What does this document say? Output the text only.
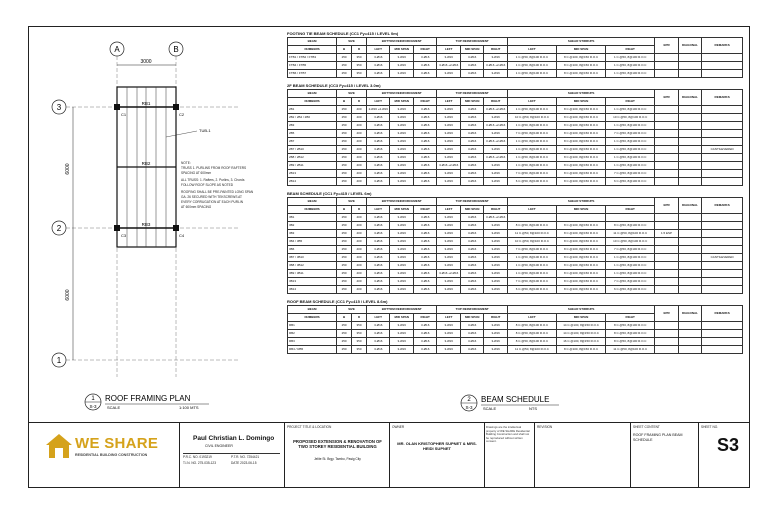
A	B
3000
3
2
1
6000
6000
RB1
RB2
RB3
C1	C2
C3	C4
TUB-1
NOTE:
TRUSS 1. PURLINS FROM ROOF RAFTERS
SPACING AT 600mm
ALL TRUSS: 1. Rafters, 2. Purlins, 3. Chords
FOLLOW ROOF SLOPE AS NOTED
ROOFING SHALL BE PRE-PAINTED LONG SPAN
GA. 26 SECURED WITH TEKSCREWS AT
EVERY CORRUGATION AT EACH PURLIN
AT 600mm SPACING
1
S-3
ROOF FRAMING PLAN
SCALE	1:100 MTS
FOOTING TIE BEAM SCHEDULE (CC1 Fy=415 / LEVEL 0m)
BEAM	SIZE		BOTTOM REINFORCEMENT			TOP REINFORCEMENT			SHEAR STIRRUPS			EPR	DIAGONAL	REMARKS
NUMBERS	B	D	LEFT	MID SPAN	RIGHT	LEFT	MID SPAN	RIGHT	LEFT	MID SPAN	RIGHT			
FTB1 / FTB2 / FTB3	250	350	3-Ø16	3-Ø16	3-Ø16	3-Ø16	3-Ø16	3-Ø16	1 C.@50, 8@100 R.O.C	8 C.@100, 8@150 R.O.C	1 C.@50, 8@100 R.O.C			
FTB4 / FTB5	250	350	3-Ø16	3-Ø16	3-Ø16	3-Ø16 +2-Ø16	3-Ø16	3-Ø16 +2-Ø16	1 C.@50, 8@100 R.O.C	8 C.@100, 8@150 R.O.C	1 C.@50, 8@100 R.O.C			
FTB6 / FTB7	250	350	3-Ø16	3-Ø16	3-Ø16	3-Ø16	3-Ø16	3-Ø16	1 C.@50, 8@100 R.O.C	8 C.@100, 8@150 R.O.C	1 C.@50, 8@100 R.O.C			
2F BEAM SCHEDULE (CC3 Fy=415 / LEVEL 3.0m)
BEAM	SIZE		BOTTOM REINFORCEMENT			TOP REINFORCEMENT			SHEAR STIRRUPS			EPR	DIAGONAL	REMARKS
NUMBERS	B	D	LEFT	MID SPAN	RIGHT	LEFT	MID SPAN	RIGHT	LEFT	MID SPAN	RIGHT			
2B1	250	400	2-Ø16 +2-Ø16	3-Ø16	3-Ø16	3-Ø16	3-Ø16	3-Ø16 +2-Ø16	1 C.@50, 8@100 R.O.C	8 C.@100, 8@150 R.O.C	1 C.@50, 8@100 R.O.C			
2B2 / 2B4 / 2B6	250	400	3-Ø16	3-Ø16	3-Ø16	3-Ø16	3-Ø16	3-Ø16	10 C.@50, 8@100 R.O.C	8 C.@100, 8@150 R.O.C	10 C.@50, 8@100 R.O.C			
2B3	250	400	3-Ø16	3-Ø16	3-Ø16	3-Ø16	3-Ø16	3-Ø16 +2-Ø16	1 C.@50, 8@100 R.O.C	8 C.@100, 8@150 R.O.C	1 C.@50, 8@100 R.O.C			
2B5	250	400	3-Ø16	3-Ø16	3-Ø16	3-Ø16	3-Ø16	3-Ø16	7 C.@50, 8@100 R.O.C	8 C.@100, 8@150 R.O.C	7 C.@50, 8@100 R.O.C			
2B7	250	400	3-Ø16	3-Ø16	3-Ø16	3-Ø16	3-Ø16	3-Ø16 +2-Ø16	1 C.@50, 8@100 R.O.C	8 C.@100, 8@150 R.O.C	1 C.@50, 8@100 R.O.C			
2B7 / 2B10	250	400	3-Ø16	3-Ø16	3-Ø16	3-Ø16	3-Ø16	3-Ø16	1 C.@50, 8@100 R.O.C	8 C.@100, 8@150 R.O.C	1 C.@50, 8@100 R.O.C			CANTILEVERED
2B8 / 2B12	250	400	3-Ø16	3-Ø16	3-Ø16	3-Ø16	3-Ø16	3-Ø16 +2-Ø16	1 C.@50, 8@100 R.O.C	8 C.@100, 8@150 R.O.C	1 C.@50, 8@100 R.O.C			
2B9 / 2B11	250	400	3-Ø16	3-Ø16	3-Ø16	3-Ø16 +2-Ø16	3-Ø16	3-Ø16	1 C.@50, 8@100 R.O.C	8 C.@100, 8@150 R.O.C	1 C.@50, 8@100 R.O.C			
2B13	250	400	3-Ø16	3-Ø16	3-Ø16	3-Ø16	3-Ø16	3-Ø16	7 C.@50, 8@100 R.O.C	8 C.@100, 8@150 R.O.C	7 C.@50, 8@100 R.O.C			
2B14	250	400	3-Ø16	3-Ø16	3-Ø16	3-Ø16	3-Ø16	3-Ø16	6 C.@50, 8@100 R.O.C	8 C.@100, 8@150 R.O.C	6 C.@50, 8@100 R.O.C			
BEAM SCHEDULE (CC1 Fy=415 / LEVEL 6m)
BEAM	SIZE		BOTTOM REINFORCEMENT			TOP REINFORCEMENT			SHEAR STIRRUPS			EPR	DIAGONAL	REMARKS
NUMBERS	B	D	LEFT	MID SPAN	RIGHT	LEFT	MID SPAN	RIGHT	LEFT	MID SPAN	RIGHT			
3B1	250	400	3-Ø16	3-Ø16	3-Ø16	3-Ø16	3-Ø16	3-Ø16 +2-Ø16						
3B2	250	400	3-Ø16	3-Ø16	3-Ø16	3-Ø16	3-Ø16	3-Ø16	8 C.@50, 8@100 R.O.C	8 C.@100, 8@150 R.O.C	8 C.@50, 8@100 R.O.C			
3B3	250	400	3-Ø16	3-Ø16	3-Ø16	3-Ø16	3-Ø16	3-Ø16	11 C.@50, 8@100 R.O.C	8 C.@100, 8@150 R.O.C	11 C.@50, 8@100 R.O.C	1.5 ESP		
3B4 / 3B5	250	400	3-Ø16	3-Ø16	3-Ø16	3-Ø16	3-Ø16	3-Ø16	10 C.@50, 8@100 R.O.C	8 C.@100, 8@150 R.O.C	10 C.@50, 8@100 R.O.C			
3B6	250	400	3-Ø16	3-Ø16	3-Ø16	3-Ø16	3-Ø16	3-Ø16	7 C.@50, 8@100 R.O.C	8 C.@100, 8@150 R.O.C	7 C.@50, 8@100 R.O.C			
3B7 / 3B10	250	400	3-Ø16	3-Ø16	3-Ø16	3-Ø16	3-Ø16	3-Ø16	1 C.@50, 8@100 R.O.C	8 C.@100, 8@150 R.O.C	1 C.@50, 8@100 R.O.C			CANTILEVERED
3B8 / 3B12	250	400	3-Ø16	3-Ø16	3-Ø16	3-Ø16	3-Ø16	3-Ø16	1 C.@50, 8@100 R.O.C	8 C.@100, 8@150 R.O.C	1 C.@50, 8@100 R.O.C			
3B9 / 3B11	250	400	3-Ø16	3-Ø16	3-Ø16	3-Ø16 +2-Ø16	3-Ø16	3-Ø16	1 C.@50, 8@100 R.O.C	8 C.@100, 8@150 R.O.C	1 C.@50, 8@100 R.O.C			
3B13	250	400	3-Ø16	3-Ø16	3-Ø16	3-Ø16	3-Ø16	3-Ø16	7 C.@50, 8@100 R.O.C	8 C.@100, 8@150 R.O.C	7 C.@50, 8@100 R.O.C			
3B14	250	400	3-Ø16	3-Ø16	3-Ø16	3-Ø16	3-Ø16	3-Ø16	6 C.@50, 8@100 R.O.C	8 C.@100, 8@150 R.O.C	6 C.@50, 8@100 R.O.C			
ROOF BEAM SCHEDULE (CC1 Fy=415 / LEVEL 8.6m)
BEAM	SIZE		BOTTOM REINFORCEMENT			TOP REINFORCEMENT			SHEAR STIRRUPS			EPR	DIAGONAL	REMARKS
NUMBERS	B	D	LEFT	MID SPAN	RIGHT	LEFT	MID SPAN	RIGHT	LEFT	MID SPAN	RIGHT			
RB1	250	350	3-Ø16	3-Ø16	3-Ø16	3-Ø16	3-Ø16	3-Ø16	8 C.@50, 8@100 R.O.C	14 C.@100, 8@150 R.O.C	8 C.@50, 8@100 R.O.C			
RB2	250	350	3-Ø16	3-Ø16	3-Ø16	3-Ø16	3-Ø16	3-Ø16	8 C.@50, 8@100 R.O.C	14 C.@100, 8@150 R.O.C	8 C.@50, 8@100 R.O.C			
RB3	250	350	3-Ø16	3-Ø16	3-Ø16	3-Ø16	3-Ø16	3-Ø16	8 C.@50, 8@100 R.O.C	16 C.@100, 8@150 R.O.C	8 C.@50, 8@100 R.O.C			
RB4 / RB5	250	350	3-Ø16	3-Ø16	3-Ø16	3-Ø16	3-Ø16	3-Ø16	11 C.@50, 8@100 R.O.C	8 C.@100, 8@150 R.O.C	11 C.@50, 8@100 R.O.C			
2
S-3
BEAM SCHEDULE
SCALE	NTS
WE SHARE
RESIDENTIAL BUILDING CONSTRUCTION
Paul Christian L. Domingo
CIVIL ENGINEER
P.R.C. NO. 0193219	P.T.R. NO. 7254421
T.I.N. NO. 275-035-123	DATE 2023-06-15
PROJECT TITLE & LOCATION
PROPOSED EXTENSION & RENOVATION OF TWO STOREY RESIDENTIAL BUILDING
Jelite St. Brgy. Tambo, Pasig City
OWNER
MR. OLAN KRISTOPHER SUPNET & MRS. HEIDI SUPNET
Drawings are the intellectual property of WE SHARE Residential Building Construction and shall not be reproduced without written consent.
REVISION	SHEET CONTENT
ROOF FRAMING PLAN BEAM SCHEDULE
SHEET NO.
S3
